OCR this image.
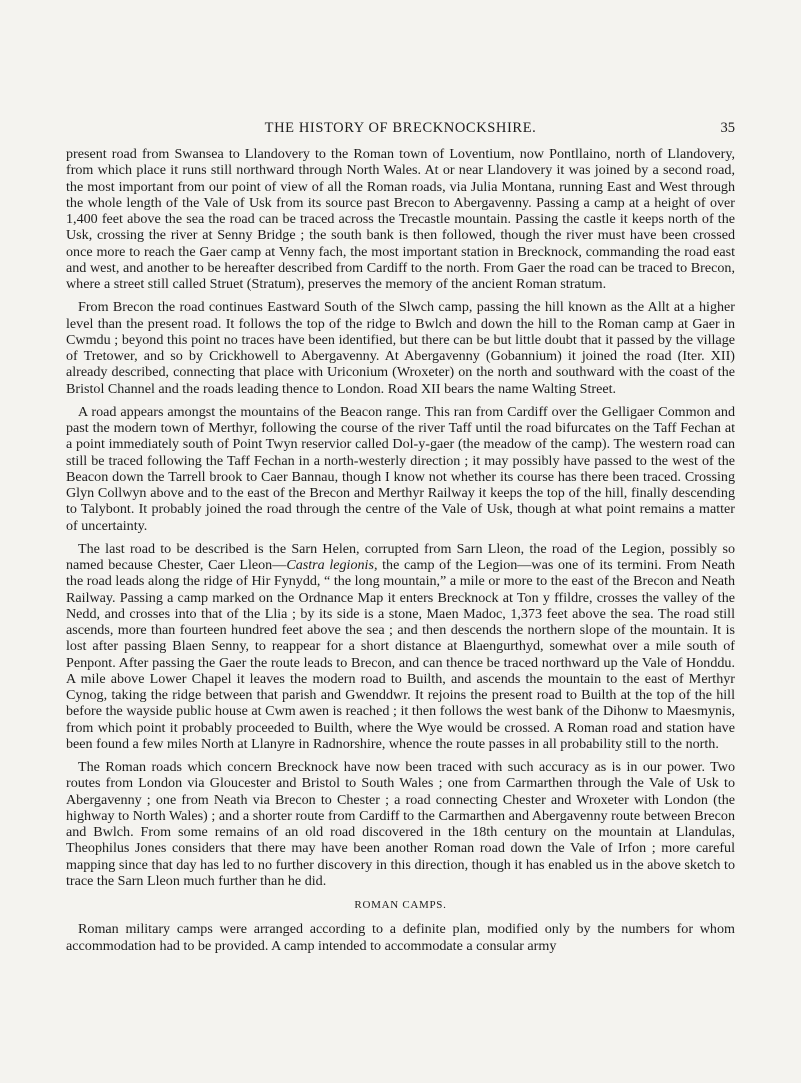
THE HISTORY OF BRECKNOCKSHIRE.	35

present road from Swansea to Llandovery to the Roman town of Loventium, now Pontllaino, north of Llandovery, from which place it runs still northward through North Wales. At or near Llandovery it was joined by a second road, the most important from our point of view of all the Roman roads, via Julia Montana, running East and West through the whole length of the Vale of Usk from its source past Brecon to Abergavenny. Passing a camp at a height of over 1,400 feet above the sea the road can be traced across the Trecastle mountain. Passing the castle it keeps north of the Usk, crossing the river at Senny Bridge ; the south bank is then followed, though the river must have been crossed once more to reach the Gaer camp at Venny fach, the most important station in Brecknock, commanding the road east and west, and another to be hereafter described from Cardiff to the north. From Gaer the road can be traced to Brecon, where a street still called Struet (Stratum), preserves the memory of the ancient Roman stratum.

From Brecon the road continues Eastward South of the Slwch camp, passing the hill known as the Allt at a higher level than the present road. It follows the top of the ridge to Bwlch and down the hill to the Roman camp at Gaer in Cwmdu ; beyond this point no traces have been identified, but there can be but little doubt that it passed by the village of Tretower, and so by Crickhowell to Abergavenny. At Abergavenny (Gobannium) it joined the road (Iter. XII) already described, connecting that place with Uriconium (Wroxeter) on the north and southward with the coast of the Bristol Channel and the roads leading thence to London. Road XII bears the name Walting Street.

A road appears amongst the mountains of the Beacon range. This ran from Cardiff over the Gelligaer Common and past the modern town of Merthyr, following the course of the river Taff until the road bifurcates on the Taff Fechan at a point immediately south of Point Twyn reservior called Dol-y-gaer (the meadow of the camp). The western road can still be traced following the Taff Fechan in a north-westerly direction ; it may possibly have passed to the west of the Beacon down the Tarrell brook to Caer Bannau, though I know not whether its course has there been traced. Crossing Glyn Collwyn above and to the east of the Brecon and Merthyr Railway it keeps the top of the hill, finally descending to Talybont. It probably joined the road through the centre of the Vale of Usk, though at what point remains a matter of uncertainty.

The last road to be described is the Sarn Helen, corrupted from Sarn Lleon, the road of the Legion, possibly so named because Chester, Caer Lleon—Castra legionis, the camp of the Legion—was one of its termini. From Neath the road leads along the ridge of Hir Fynydd, “ the long mountain,” a mile or more to the east of the Brecon and Neath Railway. Passing a camp marked on the Ordnance Map it enters Brecknock at Ton y ffildre, crosses the valley of the Nedd, and crosses into that of the Llia ; by its side is a stone, Maen Madoc, 1,373 feet above the sea. The road still ascends, more than fourteen hundred feet above the sea ; and then descends the northern slope of the mountain. It is lost after passing Blaen Senny, to reappear for a short distance at Blaengurthyd, somewhat over a mile south of Penpont. After passing the Gaer the route leads to Brecon, and can thence be traced northward up the Vale of Honddu. A mile above Lower Chapel it leaves the modern road to Builth, and ascends the mountain to the east of Merthyr Cynog, taking the ridge between that parish and Gwenddwr. It rejoins the present road to Builth at the top of the hill before the wayside public house at Cwm awen is reached ; it then follows the west bank of the Dihonw to Maesmynis, from which point it probably proceeded to Builth, where the Wye would be crossed. A Roman road and station have been found a few miles North at Llanyre in Radnorshire, whence the route passes in all probability still to the north.

The Roman roads which concern Brecknock have now been traced with such accuracy as is in our power. Two routes from London via Gloucester and Bristol to South Wales ; one from Carmarthen through the Vale of Usk to Abergavenny ; one from Neath via Brecon to Chester ; a road connecting Chester and Wroxeter with London (the highway to North Wales) ; and a shorter route from Cardiff to the Carmarthen and Abergavenny route between Brecon and Bwlch. From some remains of an old road discovered in the 18th century on the mountain at Llandulas, Theophilus Jones considers that there may have been another Roman road down the Vale of Irfon ; more careful mapping since that day has led to no further discovery in this direction, though it has enabled us in the above sketch to trace the Sarn Lleon much further than he did.

ROMAN CAMPS.

Roman military camps were arranged according to a definite plan, modified only by the numbers for whom accommodation had to be provided. A camp intended to accommodate a consular army
